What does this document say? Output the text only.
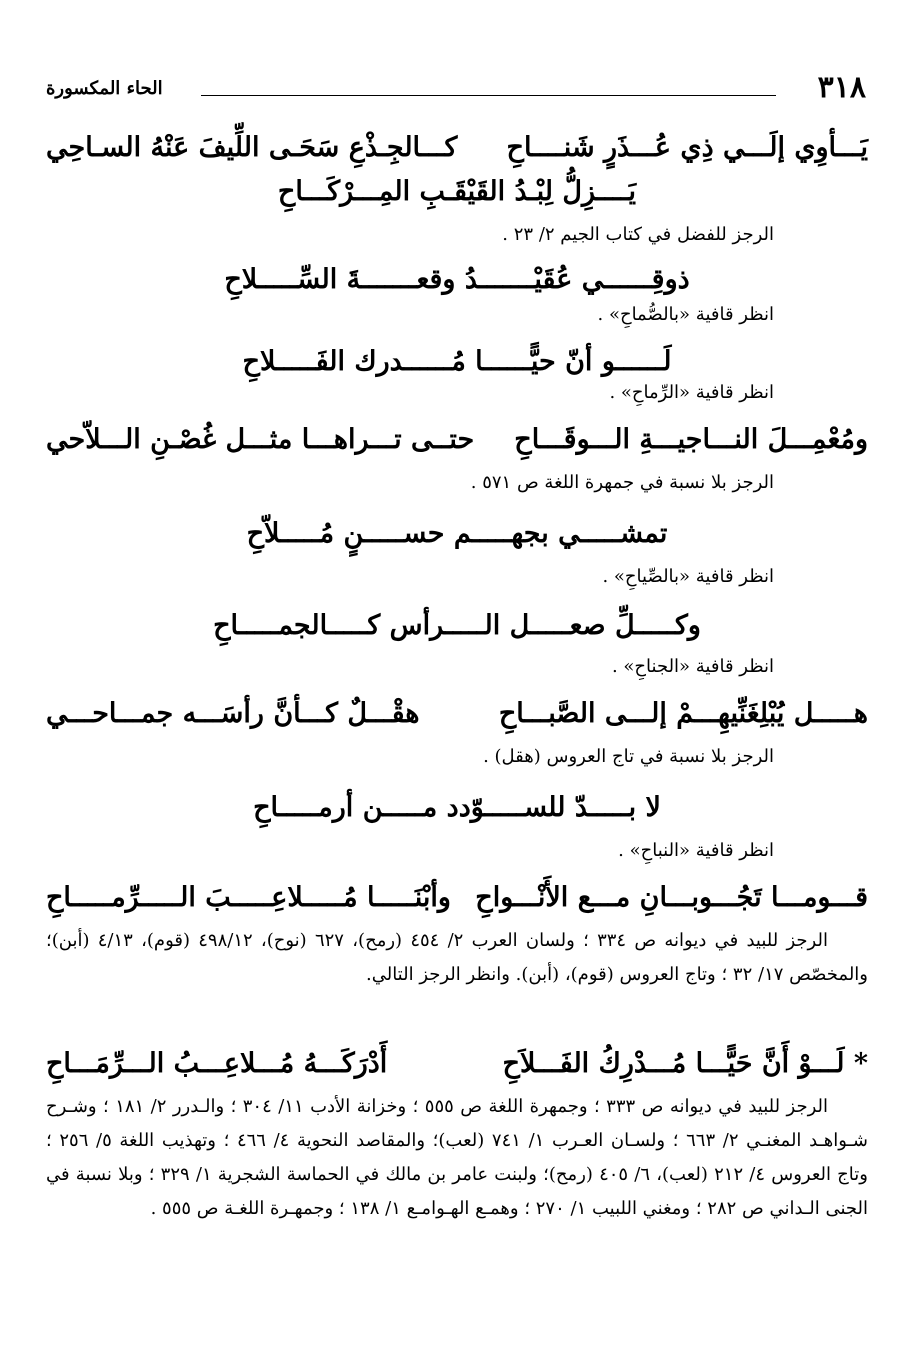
٣١٨
الحاء المكسورة
يَـــأوِي إلَـــي ذِي عُـــذَرٍ شَنــــاحِ
كـــالجِـذْعِ سَحَـى اللِّيفَ عَنْهُ السـاحِي
يَــــزِلُّ لِبْـدُ القَيْقَـبِ المِـــرْكَـــاحِ
الرجز للفضل في كتاب الجيم ٢/ ٢٣ .
ذوقِــــــي عُقَيْـــــــدُ وقعـــــــةَ السِّـــــلاحِ
انظر قافية «بالصُّماحِ» .
لَــــــو أنّ حيًّــــــا مُــــــدرك الفَـــــلاحِ
انظر قافية «الرِّماحِ» .
ومُعْمِـــلَ النـــاجيـــةِ الـــوقَـــاحِ
حتــى تـــراهـــا مثـــل غُصْـنِ الـــلاّحي
الرجز بلا نسبة في جمهرة اللغة ص ٥٧١ .
تمشـــــي بجهـــــم حســـــنٍ مُـــــلاّحِ
انظر قافية «بالصِّياحِ» .
وكـــــلِّ صعـــــل الـــــرأس كـــــالجمـــــاحِ
انظر قافية «الجناحِ» .
هـــــل يُبْلِغَنِّيهِـــمْ إلـــى الصَّبـــاحِ
هقْـــلٌ كـــأنَّ رأسَـــه جمـــاحـــي
الرجز بلا نسبة في تاج العروس (هقل) .
لا بـــــدّ للســـــوّدد مـــــن أرمـــــاحِ
انظر قافية «النباحِ» .
قـــومـــا تَجُـــوبـــانِ مـــع الأَنْـــواحِ
وأبْنَـــــا مُـــــلاعِـــــبَ الـــــرِّمـــــاحِ
الرجز للبيد في ديوانه ص ٣٣٤ ؛ ولسان العرب ٢/ ٤٥٤ (رمح)، ٦٢٧ (نوح)، ٤٩٨/١٢ (قوم)، ٤/١٣ (أبن)؛ والمخصّص ١٧/ ٣٢ ؛ وتاج العروس (قوم)، (أبن). وانظر الرجز التالي.
* لَـــوْ أَنَّ حَيًّـــا مُـــدْرِكُ الفَـــلاَحِ
أَدْرَكَـــهُ مُـــلاعِـــبُ الـــرِّمَـــاحِ
الرجز للبيد في ديوانه ص ٣٣٣ ؛ وجمهرة اللغة ص ٥٥٥ ؛ وخزانة الأدب ١١/ ٣٠٤ ؛ والـدرر ٢/ ١٨١ ؛ وشـرح شـواهـد المغنـي ٢/ ٦٦٣ ؛ ولسـان العـرب ١/ ٧٤١ (لعب)؛ والمقاصد النحوية ٤/ ٤٦٦ ؛ وتهذيب اللغة ٥/ ٢٥٦ ؛ وتاج العروس ٤/ ٢١٢ (لعب)، ٦/ ٤٠٥ (رمح)؛ ولبنت عامر بن مالك في الحماسة الشجرية ١/ ٣٢٩ ؛ وبلا نسبة في الجنى الـداني ص ٢٨٢ ؛ ومغني اللبيب ١/ ٢٧٠ ؛ وهمـع الهـوامـع ١/ ١٣٨ ؛ وجمهـرة اللغـة ص ٥٥٥ .
